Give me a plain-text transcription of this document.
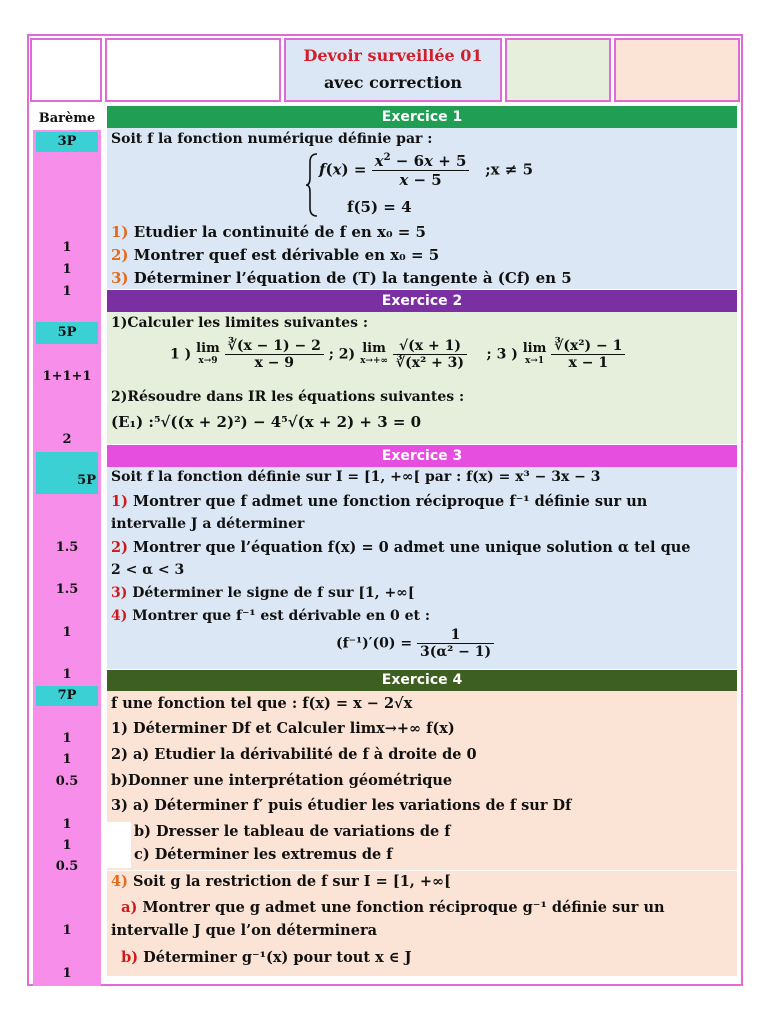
Devoir surveillée 01
avec correction
Barème
3P
1
1
1
5P
1+1+1
2
5P
1.5
1.5
1
1
7P
1
1
0.5
1
1
0.5
1
1
Exercice 1
Soit f la fonction numérique définie par :
$f(x) = \frac{x^2 - 6x + 5}{x - 5}$ ;x ≠ 5
f(5) = 4
1) Etudier la continuité de f en x₀ = 5
2) Montrer quef est dérivable en x₀ = 5
3) Déterminer l’équation de (T) la tangente à (Cf) en 5
Exercice 2
1)Calculer les limites suivantes :
1 ) lim
x→9
$\frac{∛(x - 1) - 2}{x - 9}$ ; 2) lim
x→+∞
$\frac{√(x + 1)}{\text{∛(x² + 3)}}$ ; 3 ) lim
x→1
$\frac{\text{∛(x²) − 1}}{x - 1}$
2)Résoudre dans IR les équations suivantes :
(E₁) :⁵√((x + 2)²) − 4⁵√(x + 2) + 3 = 0
Exercice 3
Soit f la fonction définie sur I = [1, +∞[ par : f(x) = x³ − 3x − 3
1) Montrer que f admet une fonction réciproque f⁻¹ définie sur un
intervalle J a déterminer
2) Montrer que l’équation f(x) = 0 admet une unique solution α tel que
2 < α < 3
3) Déterminer le signe de f sur [1, +∞[
4) Montrer que f⁻¹ est dérivable en 0 et :
$(f^{-1})'(0) = \frac{1}{\text{3(α² − 1)}}$
Exercice 4
f une fonction tel que : f(x) = x − 2√x
1) Déterminer Df et Calculer limx→+∞ f(x)
2) a) Etudier la dérivabilité de f à droite de 0
b)Donner une interprétation géométrique
3) a) Déterminer f′ puis étudier les variations de f sur Df
b) Dresser le tableau de variations de f
c) Déterminer les extremus de f
4) Soit g la restriction de f sur I = [1, +∞[
a) Montrer que g admet une fonction réciproque g⁻¹ définie sur un
intervalle J que l’on déterminera
b) Déterminer g⁻¹(x) pour tout x ∈ J
